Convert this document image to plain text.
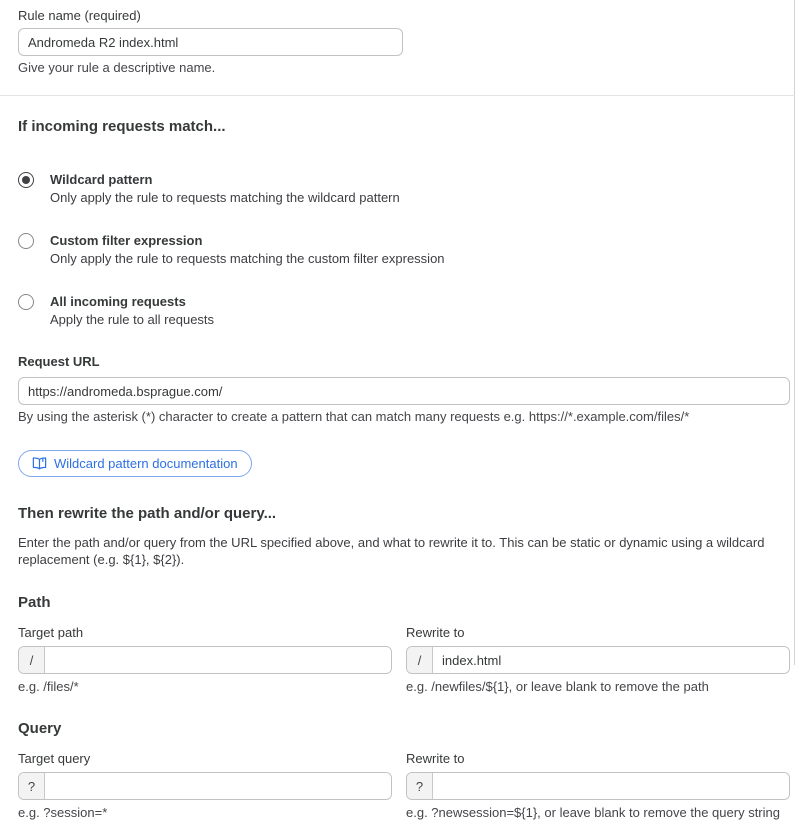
Rule name (required)
Andromeda R2 index.html
Give your rule a descriptive name.
If incoming requests match...
Wildcard pattern
Only apply the rule to requests matching the wildcard pattern
Custom filter expression
Only apply the rule to requests matching the custom filter expression
All incoming requests
Apply the rule to all requests
Request URL
https://andromeda.bsprague.com/
By using the asterisk (*) character to create a pattern that can match many requests e.g. https://*.example.com/files/*
Wildcard pattern documentation
Then rewrite the path and/or query...

Enter the path and/or query from the URL specified above, and what to rewrite it to. This can be static or dynamic using a wildcard replacement (e.g. ${1}, ${2}).

Path
Target path
/
e.g. /files/*
Rewrite to
/
index.html
e.g. /newfiles/${1}, or leave blank to remove the path
Query
Target query
?
e.g. ?session=*
Rewrite to
?
e.g. ?newsession=${1}, or leave blank to remove the query string
